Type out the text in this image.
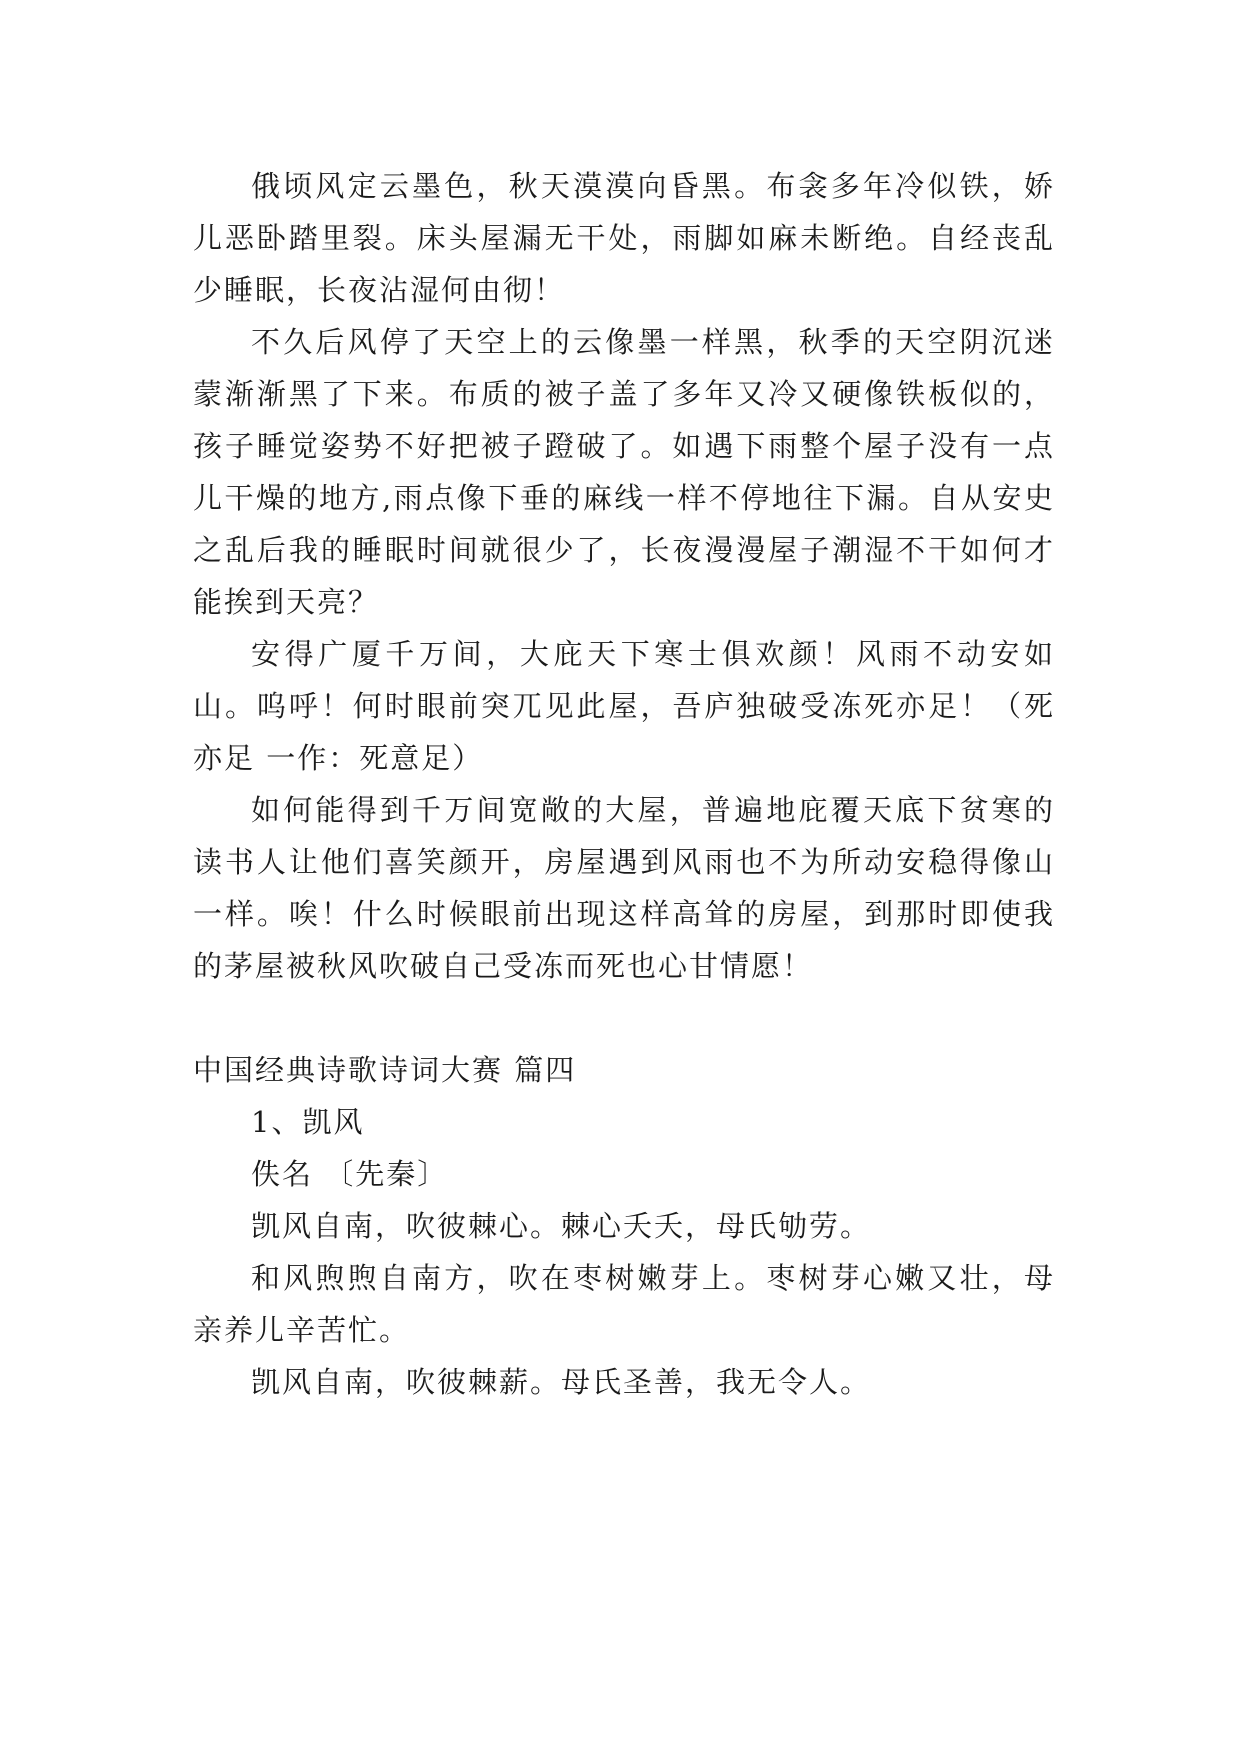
俄顷风定云墨色，秋天漠漠向昏黑。布衾多年冷似铁，娇儿恶卧踏里裂。床头屋漏无干处，雨脚如麻未断绝。自经丧乱少睡眠，长夜沾湿何由彻！

不久后风停了天空上的云像墨一样黑，秋季的天空阴沉迷蒙渐渐黑了下来。布质的被子盖了多年又冷又硬像铁板似的，孩子睡觉姿势不好把被子蹬破了。如遇下雨整个屋子没有一点儿干燥的地方,雨点像下垂的麻线一样不停地往下漏。自从安史之乱后我的睡眠时间就很少了，长夜漫漫屋子潮湿不干如何才能挨到天亮？

安得广厦千万间，大庇天下寒士俱欢颜！风雨不动安如山。呜呼！何时眼前突兀见此屋，吾庐独破受冻死亦足！（死亦足 一作：死意足）

如何能得到千万间宽敞的大屋，普遍地庇覆天底下贫寒的读书人让他们喜笑颜开，房屋遇到风雨也不为所动安稳得像山一样。唉！什么时候眼前出现这样高耸的房屋，到那时即使我的茅屋被秋风吹破自己受冻而死也心甘情愿！

中国经典诗歌诗词大赛 篇四

1、凯风

佚名 〔先秦〕

凯风自南，吹彼棘心。棘心夭夭，母氏劬劳。

和风煦煦自南方，吹在枣树嫩芽上。枣树芽心嫩又壮，母亲养儿辛苦忙。

凯风自南，吹彼棘薪。母氏圣善，我无令人。
